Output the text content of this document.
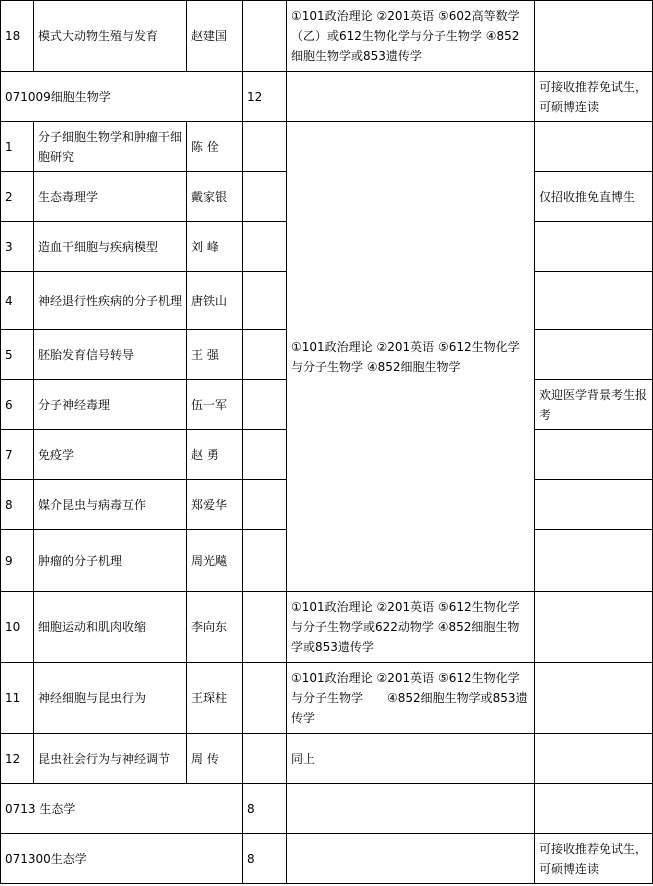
18	模式大动物生殖与发育	赵建国		①101政治理论 ②201英语 ⑤602高等数学（乙）或612生物化学与分子生物学 ④852细胞生物学或853遗传学	
071009细胞生物学			12		可接收推荐免试生，可硕博连读
1	分子细胞生物学和肿瘤干细胞研究	陈 佺		①101政治理论 ②201英语 ⑤612生物化学与分子生物学 ④852细胞生物学	
2	生态毒理学	戴家银			仅招收推免直博生
3	造血干细胞与疾病模型	刘 峰			
4	神经退行性疾病的分子机理	唐铁山			
5	胚胎发育信号转导	王 强			
6	分子神经毒理	伍一军			欢迎医学背景考生报考
7	免疫学	赵 勇			
8	媒介昆虫与病毒互作	郑爱华			
9	肿瘤的分子机理	周光飚			
10	细胞运动和肌肉收缩	李向东		①101政治理论 ②201英语 ⑤612生物化学与分子生物学或622动物学 ④852细胞生物学或853遗传学	
11	神经细胞与昆虫行为	王琛柱		①101政治理论 ②201英语 ⑤612生物化学与分子生物学　　④852细胞生物学或853遗传学	
12	昆虫社会行为与神经调节	周 传		同上	
0713 生态学			8		
071300生态学			8		可接收推荐免试生，可硕博连读
